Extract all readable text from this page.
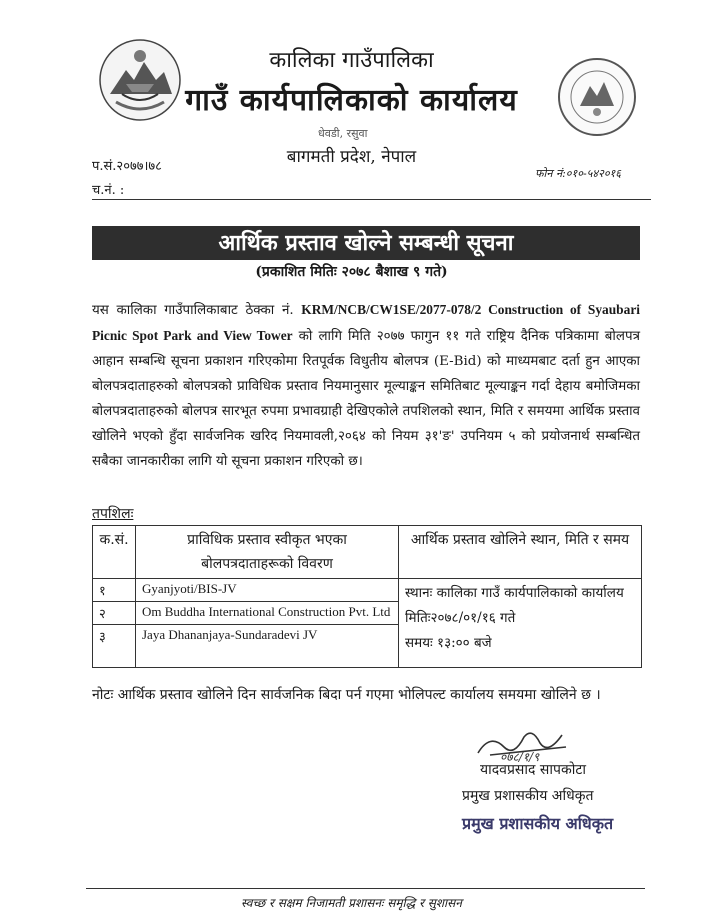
कालिका गाउँपालिका
गाउँ कार्यपालिकाको कार्यालय
धेवडी, रसुवा
बागमती प्रदेश, नेपाल
प.सं.२०७७।७८
च.नं. :
फोन नं:०१०-५४२०१६
आर्थिक प्रस्ताव खोल्ने सम्बन्धी सूचना
(प्रकाशित मितिः २०७८ बैशाख ९ गते)
यस कालिका गाउँपालिकाबाट ठेक्का नं. KRM/NCB/CW1SE/2077-078/2 Construction of Syaubari Picnic Spot Park and View Tower को लागि मिति २०७७ फागुन ११ गते राष्ट्रिय दैनिक पत्रिकामा बोलपत्र आहान सम्बन्धि सूचना प्रकाशन गरिएकोमा रितपूर्वक विधुतीय बोलपत्र (E-Bid) को माध्यमबाट दर्ता हुन आएका बोलपत्रदाताहरुको बोलपत्रको प्राविधिक प्रस्ताव नियमानुसार मूल्याङ्कन समितिबाट मूल्याङ्कन गर्दा देहाय बमोजिमका बोलपत्रदाताहरुको बोलपत्र सारभूत रुपमा प्रभावग्राही देखिएकोले तपशिलको स्थान, मिति र समयमा आर्थिक प्रस्ताव खोलिने भएको हुँदा सार्वजनिक खरिद नियमावली,२०६४ को नियम ३१'ङ' उपनियम ५ को प्रयोजनार्थ सम्बन्धित सबैका जानकारीका लागि यो सूचना प्रकाशन गरिएको छ।
तपशिलः
क.सं.	प्राविधिक प्रस्ताव स्वीकृत भएका बोलपत्रदाताहरूको विवरण	आर्थिक प्रस्ताव खोलिने स्थान, मिति र समय
१	Gyanjyoti/BIS-JV	स्थानः कालिका गाउँ कार्यपालिकाको कार्यालय
मितिः२०७८/०१/१६ गते
समयः १३:०० बजे

२	Om Buddha International Construction Pvt. Ltd	
३	Jaya Dhananjaya-Sundaradevi JV	
नोटः आर्थिक प्रस्ताव खोलिने दिन सार्वजनिक बिदा पर्न गएमा भोलिपल्ट कार्यालय समयमा खोलिने छ ।
०७८/१/९
यादवप्रसाद सापकोटा
प्रमुख प्रशासकीय अधिकृत
प्रमुख प्रशासकीय अधिकृत
स्वच्छ र सक्षम निजामती प्रशासनः समृद्धि र सुशासन
